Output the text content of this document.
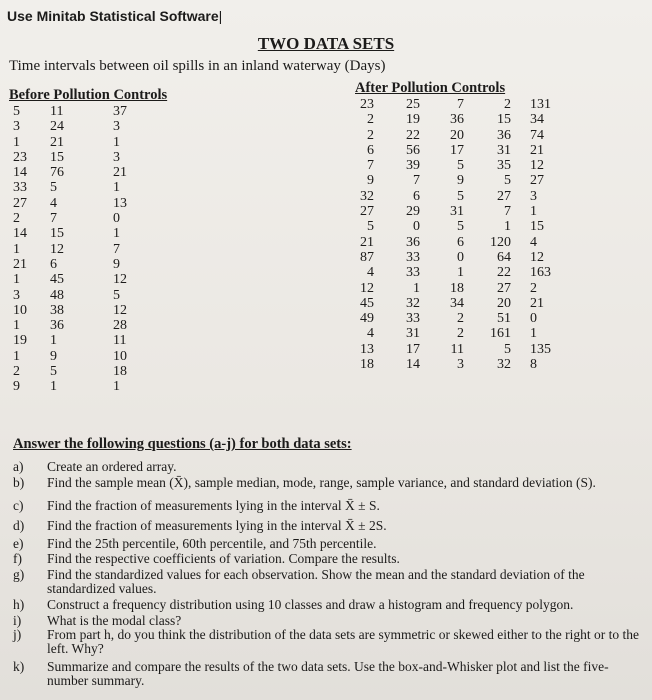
Use Minitab Statistical Software|
TWO DATA SETS
Time intervals between oil spills in an inland waterway (Days)
Before Pollution Controls	After Pollution Controls
5
3
1
23
14
33
27
2
14
1
21
1
3
10
1
19
1
2
9
11
24
21
15
76
5
4
7
15
12
6
45
48
38
36
1
9
5
1
37
3
1
3
21
1
13
0
1
7
9
12
5
12
28
11
10
18
1
23
2
2
6
7
9
32
27
5
21
87
4
12
45
49
4
13
18
25
19
22
56
39
7
6
29
0
36
33
33
1
32
33
31
17
14
7
36
20
17
5
9
5
31
5
6
0
1
18
34
2
2
11
3
2
15
36
31
35
5
27
7
1
120
64
22
27
20
51
161
5
32
131
34
74
21
12
27
3
1
15
4
12
163
2
21
0
1
135
8
Answer the following questions (a-j) for both data sets:
a) Create an ordered array.
b) Find the sample mean (X̄), sample median, mode, range, sample variance, and standard deviation (S).
c) Find the fraction of measurements lying in the interval X̄ ± S.
d) Find the fraction of measurements lying in the interval X̄ ± 2S.
e) Find the 25th percentile, 60th percentile, and 75th percentile.
f) Find the respective coefficients of variation. Compare the results.
g) Find the standardized values for each observation. Show the mean and the standard deviation of the standardized values.
h) Construct a frequency distribution using 10 classes and draw a histogram and frequency polygon.
i) What is the modal class?
j) From part h, do you think the distribution of the data sets are symmetric or skewed either to the right or to the left. Why?
k) Summarize and compare the results of the two data sets. Use the box-and-Whisker plot and list the five-number summary.
